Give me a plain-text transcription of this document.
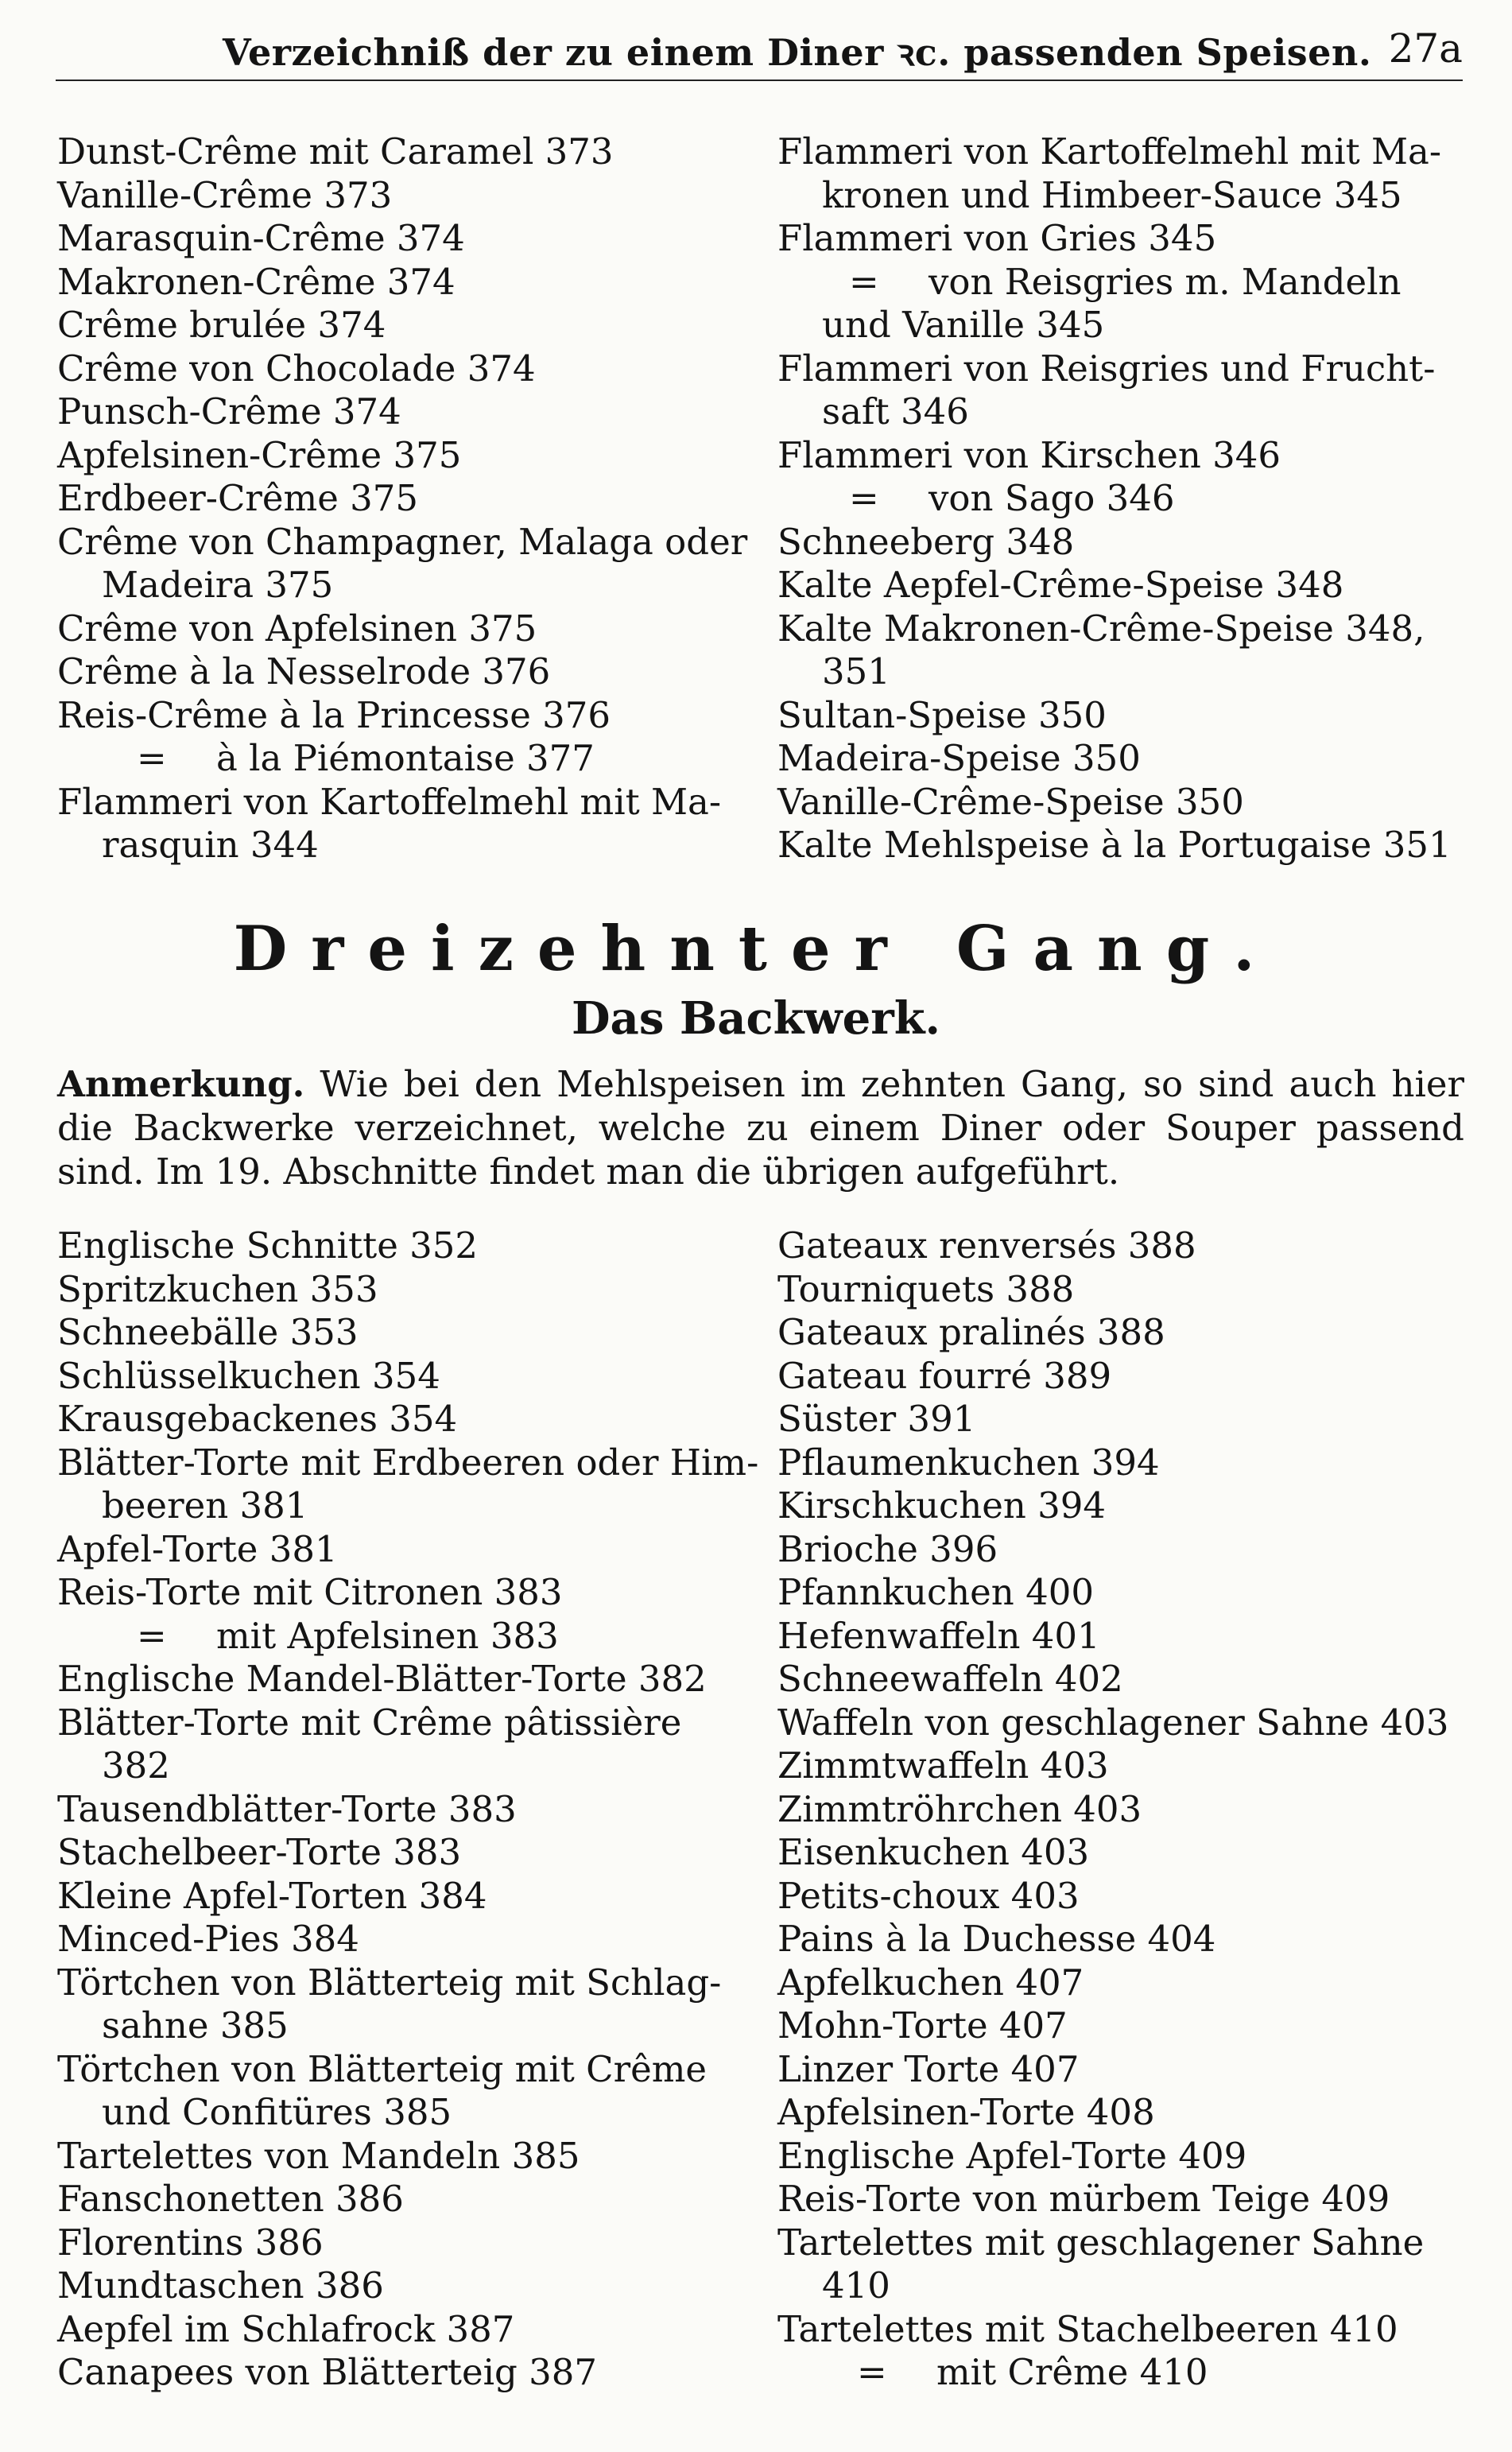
Verzeichniß der zu einem Diner ꝛc. passenden Speisen. 27a
Dunst-Crême mit Caramel 373
Vanille-Crême 373
Marasquin-Crême 374
Makronen-Crême 374
Crême brulée 374
Crême von Chocolade 374
Punsch-Crême 374
Apfelsinen-Crême 375
Erdbeer-Crême 375
Crême von Champagner, Malaga oder
Madeira 375
Crême von Apfelsinen 375
Crême à la Nesselrode 376
Reis-Crême à la Princesse 376
= à la Piémontaise 377
Flammeri von Kartoffelmehl mit Ma-
rasquin 344
Flammeri von Kartoffelmehl mit Ma-
kronen und Himbeer-Sauce 345
Flammeri von Gries 345
= von Reisgries m. Mandeln
und Vanille 345
Flammeri von Reisgries und Frucht-
saft 346
Flammeri von Kirschen 346
= von Sago 346
Schneeberg 348
Kalte Aepfel-Crême-Speise 348
Kalte Makronen-Crême-Speise 348,
351
Sultan-Speise 350
Madeira-Speise 350
Vanille-Crême-Speise 350
Kalte Mehlspeise à la Portugaise 351
Dreizehnter Gang.
Das Backwerk.
Anmerkung. Wie bei den Mehlspeisen im zehnten Gang, so sind auch hier die Backwerke verzeichnet, welche zu einem Diner oder Souper passend sind. Im 19. Abschnitte findet man die übrigen aufgeführt.
Englische Schnitte 352
Spritzkuchen 353
Schneebälle 353
Schlüsselkuchen 354
Krausgebackenes 354
Blätter-Torte mit Erdbeeren oder Him-
beeren 381
Apfel-Torte 381
Reis-Torte mit Citronen 383
= mit Apfelsinen 383
Englische Mandel-Blätter-Torte 382
Blätter-Torte mit Crême pâtissière
382
Tausendblätter-Torte 383
Stachelbeer-Torte 383
Kleine Apfel-Torten 384
Minced-Pies 384
Törtchen von Blätterteig mit Schlag-
sahne 385
Törtchen von Blätterteig mit Crême
und Confitüres 385
Tartelettes von Mandeln 385
Fanschonetten 386
Florentins 386
Mundtaschen 386
Aepfel im Schlafrock 387
Canapees von Blätterteig 387
Gateaux renversés 388
Tourniquets 388
Gateaux pralinés 388
Gateau fourré 389
Süster 391
Pflaumenkuchen 394
Kirschkuchen 394
Brioche 396
Pfannkuchen 400
Hefenwaffeln 401
Schneewaffeln 402
Waffeln von geschlagener Sahne 403
Zimmtwaffeln 403
Zimmtröhrchen 403
Eisenkuchen 403
Petits-choux 403
Pains à la Duchesse 404
Apfelkuchen 407
Mohn-Torte 407
Linzer Torte 407
Apfelsinen-Torte 408
Englische Apfel-Torte 409
Reis-Torte von mürbem Teige 409
Tartelettes mit geschlagener Sahne
410
Tartelettes mit Stachelbeeren 410
= mit Crême 410
